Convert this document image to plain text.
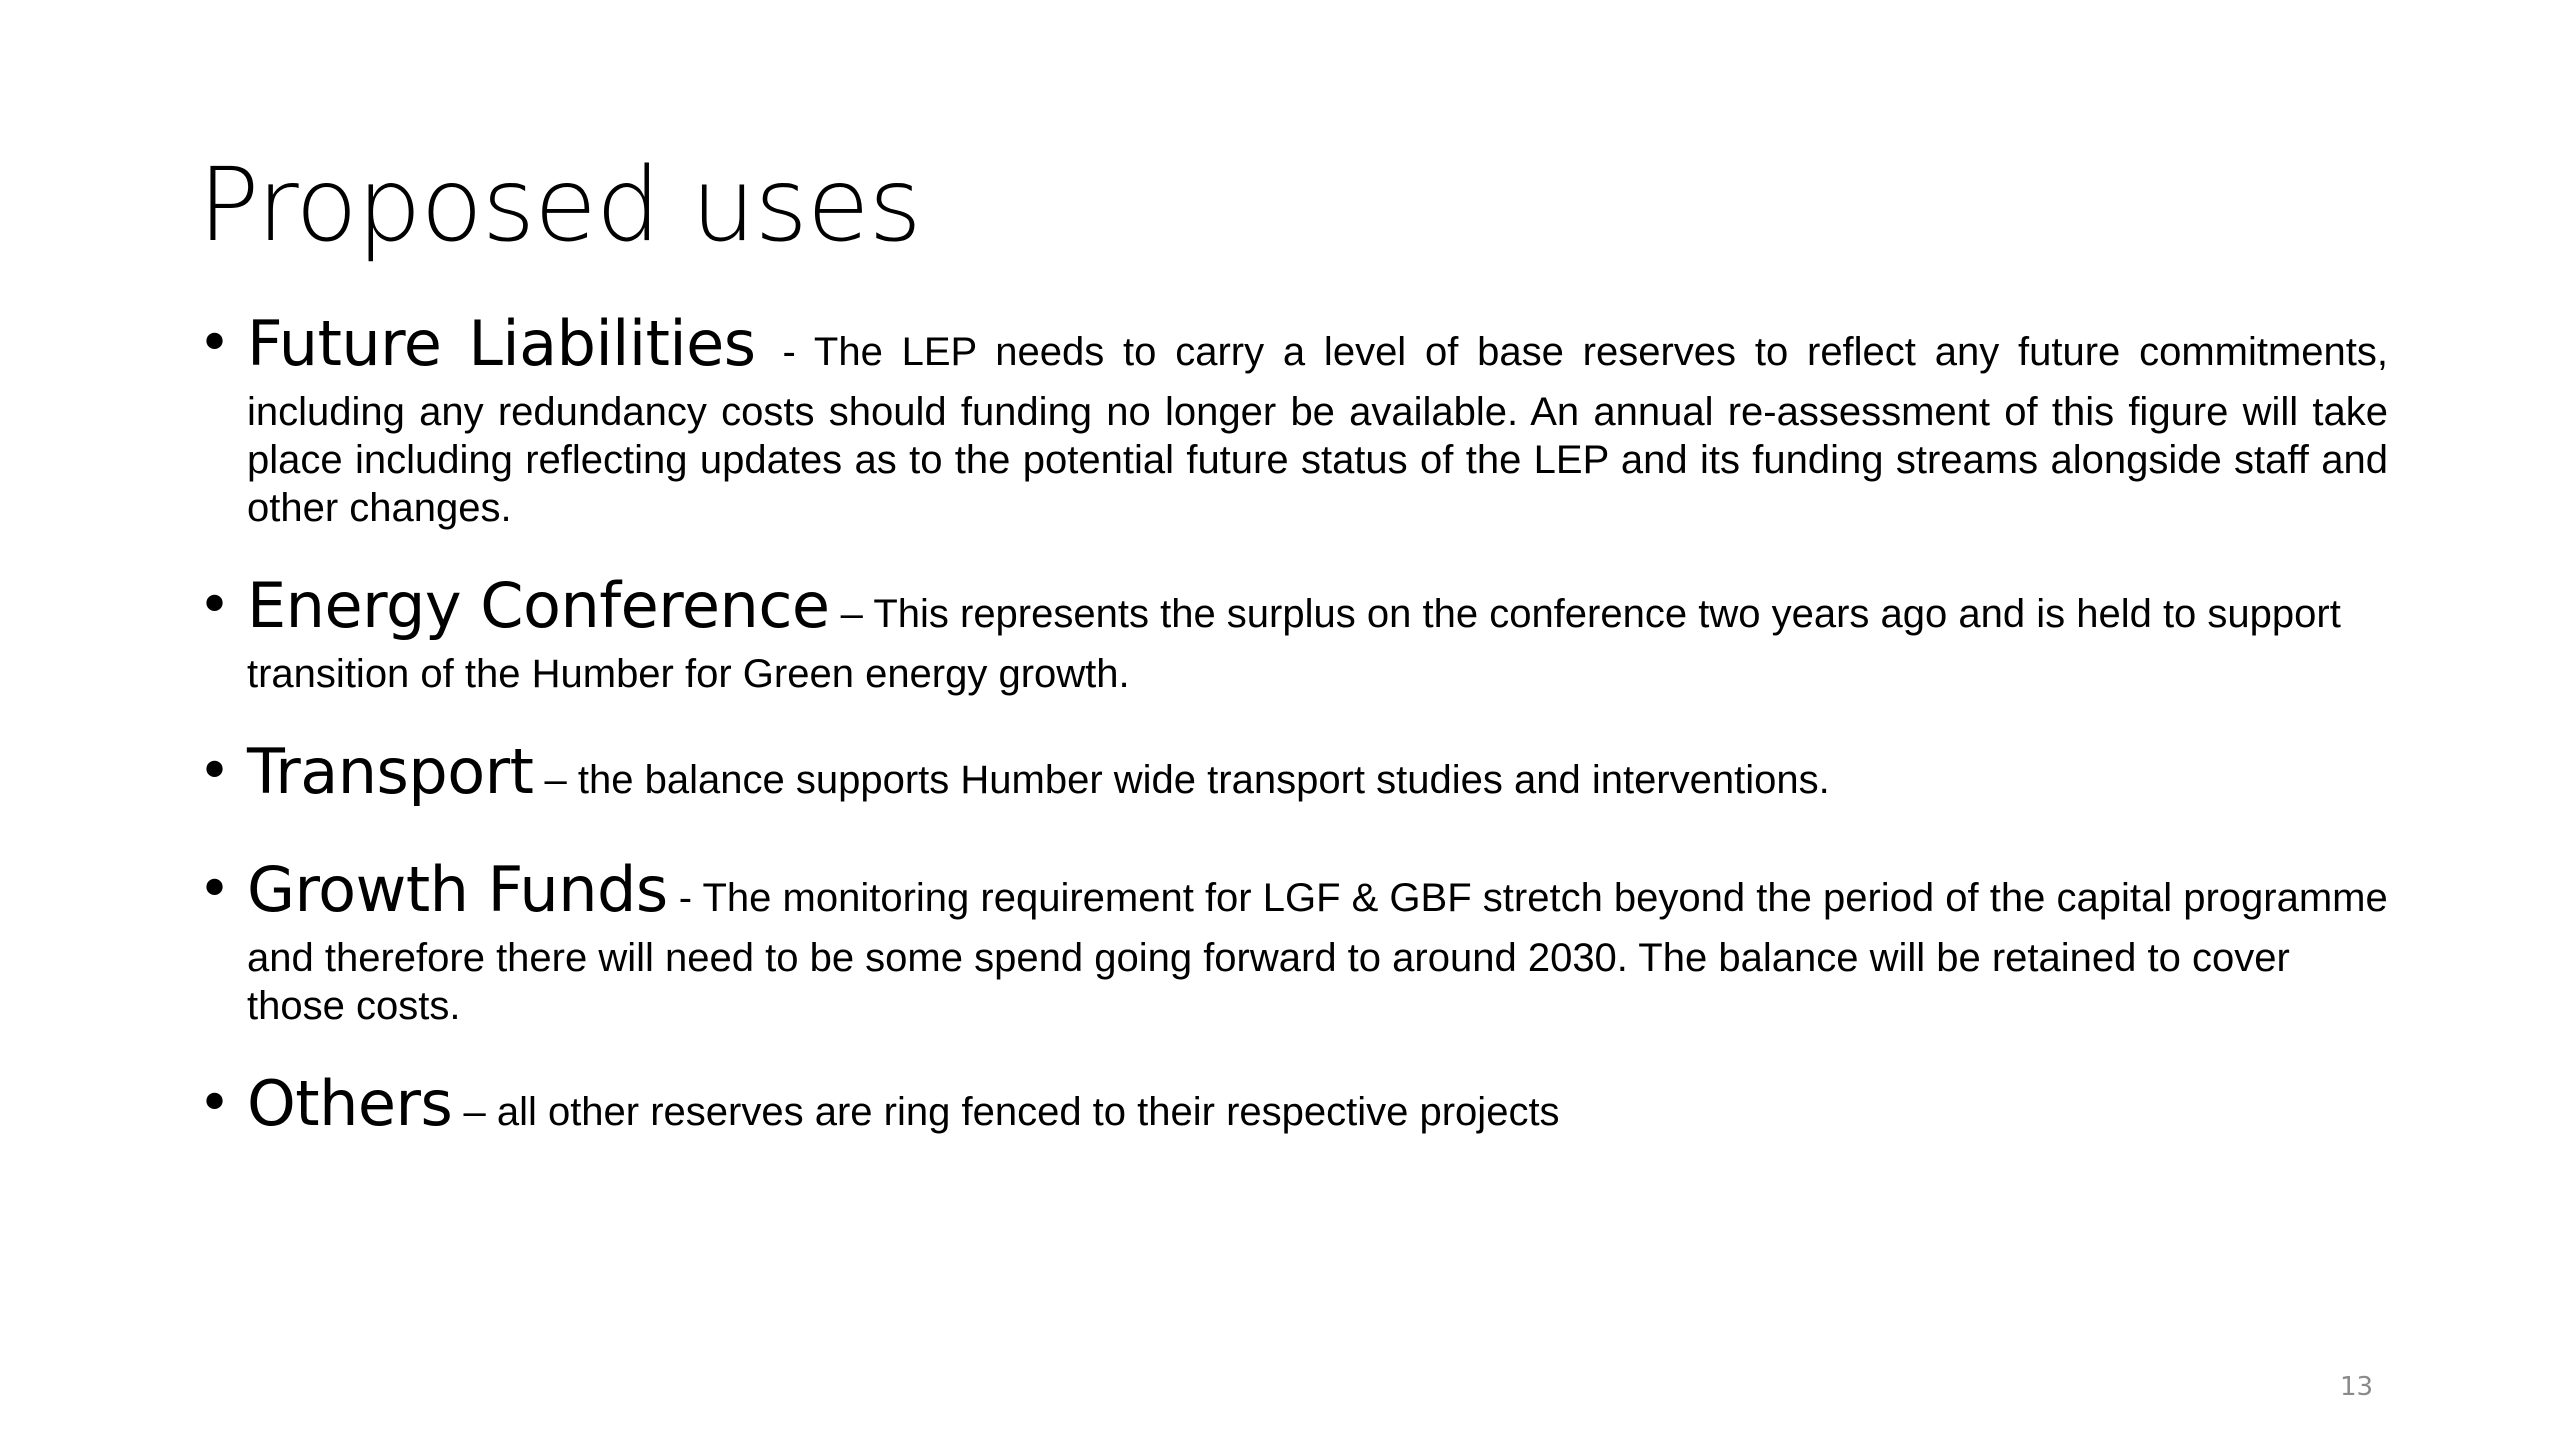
Proposed uses
• Future Liabilities - The LEP needs to carry a level of base reserves to reflect any future commitments, including any redundancy costs should funding no longer be available. An annual re-assessment of this figure will take place including reflecting updates as to the potential future status of the LEP and its funding streams alongside staff and other changes.
• Energy Conference – This represents the surplus on the conference two years ago and is held to support transition of the Humber for Green energy growth.
• Transport – the balance supports Humber wide transport studies and interventions.
• Growth Funds - The monitoring requirement for LGF & GBF stretch beyond the period of the capital programme and therefore there will need to be some spend going forward to around 2030. The balance will be retained to cover those costs.
• Others – all other reserves are ring fenced to their respective projects
13
